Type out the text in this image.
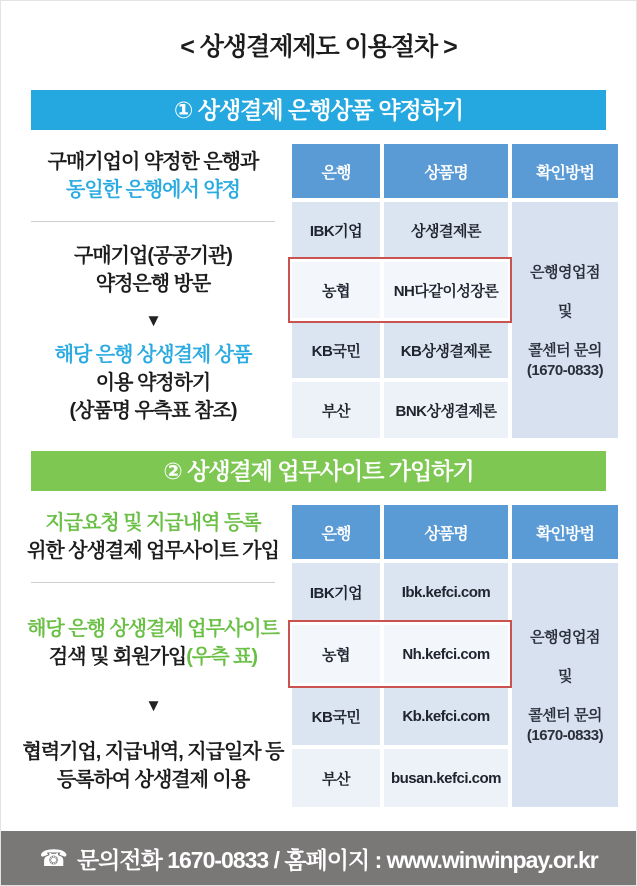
< 상생결제제도 이용절차 >
① 상생결제 은행상품 약정하기
구매기업이 약정한 은행과
동일한 은행에서 약정
구매기업(공공기관)
약정은행 방문
▼
해당 은행 상생결제 상품
이용 약정하기
(상품명 우측표 참조)
은행	상품명	확인방법
IBK기업	상생결제론
은행영업점
및
콜센터 문의
(1670-0833)
농협	NH다같이성장론
KB국민	KB상생결제론
부산	BNK상생결제론
② 상생결제 업무사이트 가입하기
지급요청 및 지급내역 등록
위한 상생결제 업무사이트 가입
해당 은행 상생결제 업무사이트
검색 및 회원가입(우측 표)
▼
협력기업, 지급내역, 지급일자 등
등록하여 상생결제 이용
은행	상품명	확인방법
IBK기업	Ibk.kefci.com
은행영업점
및
콜센터 문의
(1670-0833)
농협	Nh.kefci.com
KB국민	Kb.kefci.com
부산	busan.kefci.com
☎ 문의전화 1670-0833 / 홈페이지 : www.winwinpay.or.kr
